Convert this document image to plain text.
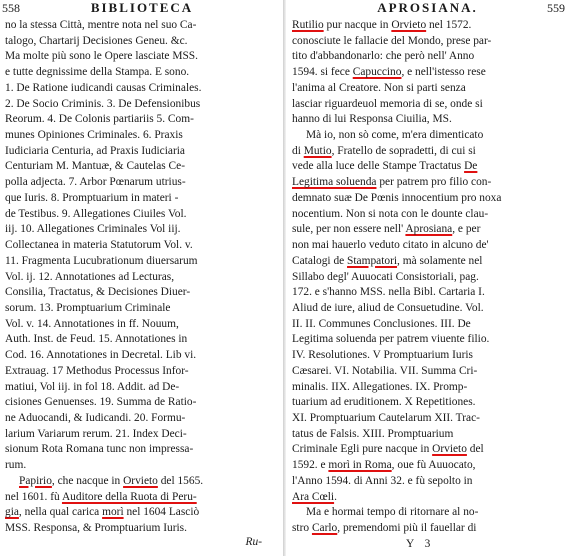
558	BIBLIOTECA
no la stessa Città, mentre nota nel suo Ca-
talogo, Chartarij Decisiones Geneu. &c.
Ma molte più sono le Opere lasciate MSS.
e tutte degnissime della Stampa. E sono.
1. De Ratione iudicandi causas Criminales.
2. De Socio Criminis. 3. De Defensionibus
Reorum. 4. De Colonis partiariis 5. Com-
munes Opiniones Criminales. 6. Praxis
Iudiciaria Centuria, ad Praxis Iudiciaria
Centuriam M. Mantuæ, & Cautelas Ce-
polla adjecta. 7. Arbor Pœnarum utrius-
que Iuris. 8. Promptuarium in materi -
de Testibus. 9. Allegationes Ciuiles Vol.
iij. 10. Allegationes Criminales Vol iij.
Collectanea in materia Statutorum Vol. v.
11. Fragmenta Lucubrationum diuersarum
Vol. ij. 12. Annotationes ad Lecturas,
Consilia, Tractatus, & Decisiones Diuer-
sorum. 13. Promptuarium Criminale
Vol. v. 14. Annotationes in ff. Nouum,
Auth. Inst. de Feud. 15. Annotationes in
Cod. 16. Annotationes in Decretal. Lib vi.
Extrauag. 17 Methodus Processus Infor-
matiui, Vol iij. in fol 18. Addit. ad De-
cisiones Genuenses. 19. Summa de Ratio-
ne Aduocandi, & Iudicandi. 20. Formu-
larium Variarum rerum. 21. Index Deci-
sionum Rota Romana tunc non impressa-
rum.
Papirio, che nacque in Orvieto del 1565.
nel 1601. fù Auditore della Ruota di Peru-
gia, nella qual carica morì nel 1604 Lasciò
MSS. Responsa, & Promptuarium Iuris.
Ru-
APROSIANA.	559
Rutilio pur nacque in Orvieto nel 1572.
conosciute le fallacie del Mondo, prese par-
tito d'abbandonarlo: che però nell' Anno
1594. si fece Capuccino, e nell'istesso rese
l'anima al Creatore. Non si parti senza
lasciar riguardeuol memoria di se, onde si
hanno di lui Responsa Ciuilia, MS.
Mà io, non sò come, m'era dimenticato
di Mutio, Fratello de sopradetti, di cui si
vede alla luce delle Stampe Tractatus De
Legitima soluenda per patrem pro filio con-
demnato suæ De Pœnis innocentium pro noxa
nocentium. Non si nota con le dounte clau-
sule, per non essere nell' Aprosiana, e per
non mai hauerlo veduto citato in alcuno de'
Catalogi de Stampatori, mà solamente nel
Sillabo degl' Auuocati Consistoriali, pag.
172. e s'hanno MSS. nella Bibl. Cartaria I.
Aliud de iure, aliud de Consuetudine. Vol.
II. II. Communes Conclusiones. III. De
Legitima soluenda per patrem viuente filio.
IV. Resolutiones. V Promptuarium Iuris
Cæsarei. VI. Notabilia. VII. Summa Cri-
minalis. IIX. Allegationes. IX. Promp-
tuarium ad eruditionem. X Repetitiones.
XI. Promptuarium Cautelarum XII. Trac-
tatus de Falsis. XIII. Promptuarium
Criminale Egli pure nacque in Orvieto del
1592. e morì in Roma, oue fù Auuocato,
l'Anno 1594. di Anni 32. e fù sepolto in
Ara Cœli.
Ma e hormai tempo di ritornare al no-
stro Carlo, premendomi più il fauellar di
Y 3
